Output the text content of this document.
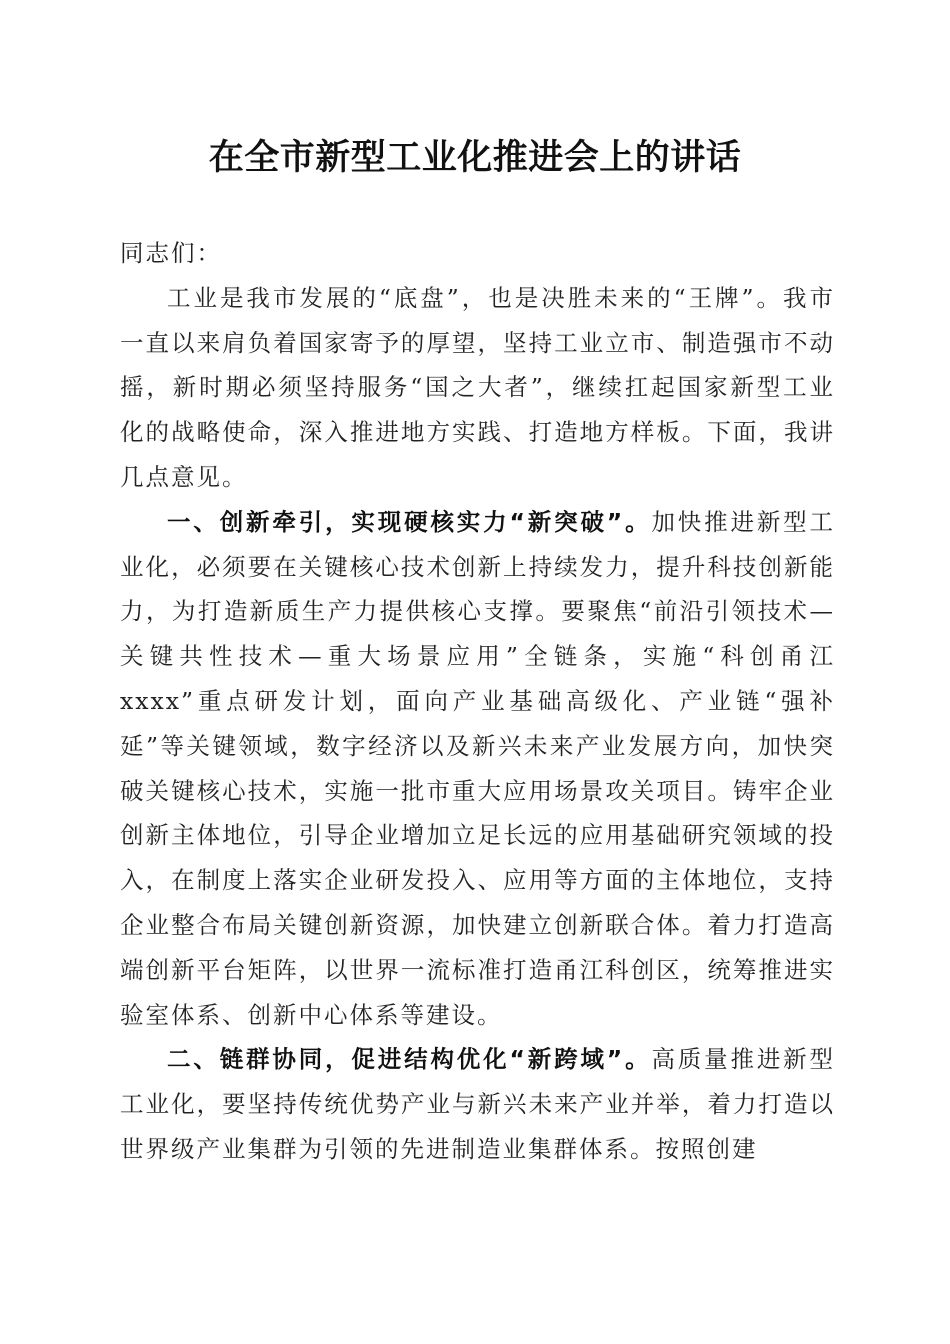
在全市新型工业化推进会上的讲话

同志们：

工业是我市发展的“底盘”，也是决胜未来的“王牌”。我市一直以来肩负着国家寄予的厚望，坚持工业立市、制造强市不动摇，新时期必须坚持服务“国之大者”，继续扛起国家新型工业化的战略使命，深入推进地方实践、打造地方样板。下面，我讲几点意见。

一、创新牵引，实现硬核实力“新突破”。加快推进新型工业化，必须要在关键核心技术创新上持续发力，提升科技创新能力，为打造新质生产力提供核心支撑。要聚焦“前沿引领技术—关键共性技术—重大场景应用”全链条，实施“科创甬江 xxxx”重点研发计划，面向产业基础高级化、产业链“强补延”等关键领域，数字经济以及新兴未来产业发展方向，加快突破关键核心技术，实施一批市重大应用场景攻关项目。铸牢企业创新主体地位，引导企业增加立足长远的应用基础研究领域的投入，在制度上落实企业研发投入、应用等方面的主体地位，支持企业整合布局关键创新资源，加快建立创新联合体。着力打造高端创新平台矩阵，以世界一流标准打造甬江科创区，统筹推进实验室体系、创新中心体系等建设。

二、链群协同，促进结构优化“新跨域”。高质量推进新型工业化，要坚持传统优势产业与新兴未来产业并举，着力打造以世界级产业集群为引领的先进制造业集群体系。按照创建
